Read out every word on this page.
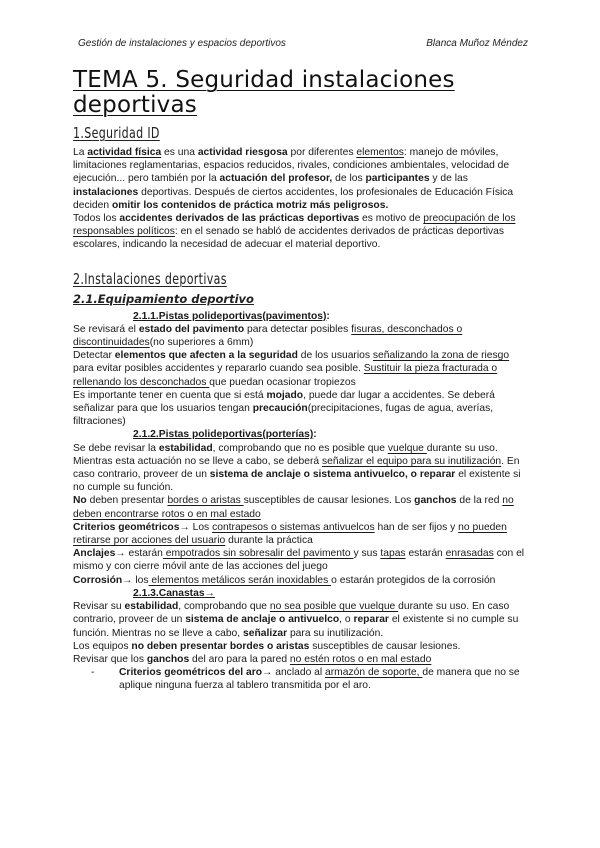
Gestión de instalaciones y espacios deportivos	Blanca Muñoz Méndez
TEMA 5. Seguridad instalaciones
deportivas
1.Seguridad ID

La actividad física es una actividad riesgosa por diferentes elementos: manejo de móviles, limitaciones reglamentarias, espacios reducidos, rivales, condiciones ambientales, velocidad de ejecución... pero también por la actuación del profesor, de los participantes y de las instalaciones deportivas. Después de ciertos accidentes, los profesionales de Educación Física deciden omitir los contenidos de práctica motriz más peligrosos.
Todos los accidentes derivados de las prácticas deportivas es motivo de preocupación de los responsables políticos: en el senado se habló de accidentes derivados de prácticas deportivas escolares, indicando la necesidad de adecuar el material deportivo.

2.Instalaciones deportivas
2.1.Equipamiento deportivo

2.1.1.Pistas polideportivas(pavimentos):

Se revisará el estado del pavimento para detectar posibles fisuras, desconchados o discontinuidades(no superiores a 6mm)
Detectar elementos que afecten a la seguridad de los usuarios señalizando la zona de riesgo para evitar posibles accidentes y repararlo cuando sea posible. Sustituir la pieza fracturada o rellenando los desconchados que puedan ocasionar tropiezos
Es importante tener en cuenta que si está mojado, puede dar lugar a accidentes. Se deberá señalizar para que los usuarios tengan precaución(precipitaciones, fugas de agua, averías, filtraciones)

2.1.2.Pistas polideportivas(porterías):

Se debe revisar la estabilidad, comprobando que no es posible que vuelque durante su uso. Mientras esta actuación no se lleve a cabo, se deberá señalizar el equipo para su inutilización. En caso contrario, proveer de un sistema de anclaje o sistema antivuelco, o reparar el existente si no cumple su función.
No deben presentar bordes o aristas susceptibles de causar lesiones. Los ganchos de la red no deben encontrarse rotos o en mal estado
Criterios geométricos→ Los contrapesos o sistemas antivuelcos han de ser fijos y no pueden retirarse por acciones del usuario durante la práctica
Anclajes→ estarán empotrados sin sobresalir del pavimento y sus tapas estarán enrasadas con el mismo y con cierre móvil ante de las acciones del juego
Corrosión→ los elementos metálicos serán inoxidables o estarán protegidos de la corrosión

2.1.3.Canastas→

Revisar su estabilidad, comprobando que no sea posible que vuelque durante su uso. En caso contrario, proveer de un sistema de anclaje o antivuelco, o reparar el existente si no cumple su función. Mientras no se lleve a cabo, señalizar para su inutilización.
Los equipos no deben presentar bordes o aristas susceptibles de causar lesiones.
Revisar que los ganchos del aro para la pared no estén rotos o en mal estado

-	Criterios geométricos del aro→ anclado al armazón de soporte, de manera que no se aplique ninguna fuerza al tablero transmitida por el aro.
